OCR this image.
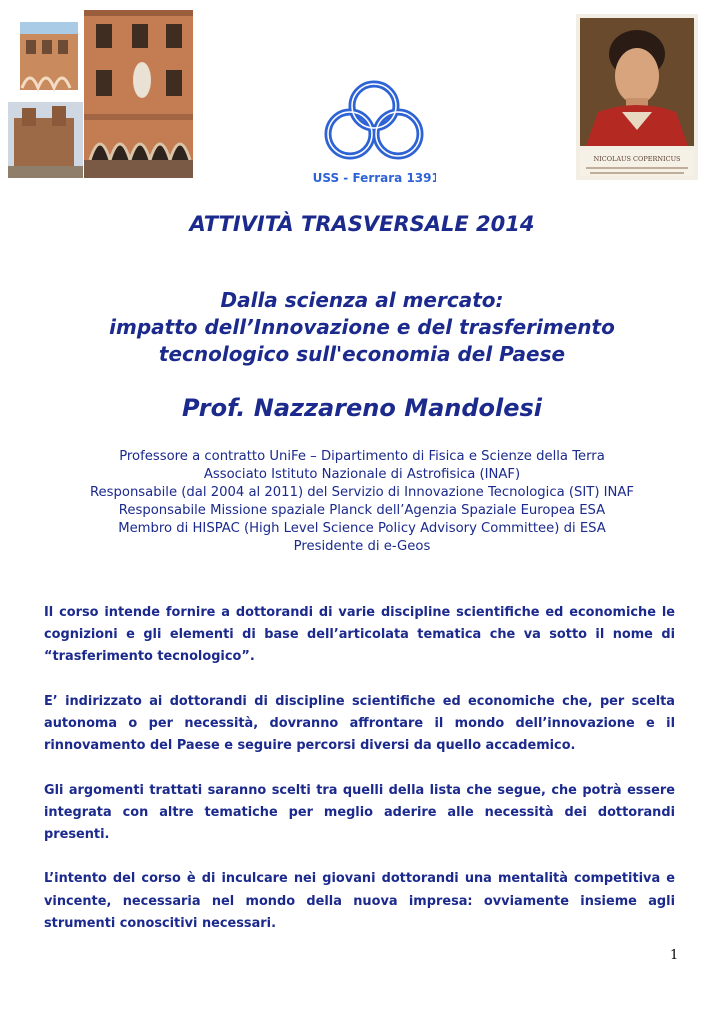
IUSS - Ferrara 1391
NICOLAUS COPERNICUS
ATTIVITÀ TRASVERSALE 2014
Dalla scienza al mercato:
impatto dell’Innovazione e del trasferimento
tecnologico sull'economia del Paese
Prof. Nazzareno Mandolesi
Professore a contratto UniFe – Dipartimento di Fisica e Scienze della Terra
Associato Istituto Nazionale di Astrofisica (INAF)
Responsabile (dal 2004 al 2011) del Servizio di Innovazione Tecnologica (SIT) INAF
Responsabile Missione spaziale Planck dell’Agenzia Spaziale Europea ESA
Membro di HISPAC (High Level Science Policy Advisory Committee) di ESA
Presidente di e-Geos

Il corso intende fornire a dottorandi di varie discipline scientifiche ed economiche le cognizioni e gli elementi di base dell’articolata tematica che va sotto il nome di “trasferimento tecnologico”.

E’ indirizzato ai dottorandi di discipline scientifiche ed economiche che, per scelta autonoma o per necessità, dovranno affrontare il mondo dell’innovazione e il rinnovamento del Paese e seguire percorsi diversi da quello accademico.

Gli argomenti trattati saranno scelti tra quelli della lista che segue, che potrà essere integrata con altre tematiche per meglio aderire alle necessità dei dottorandi presenti.

L’intento del corso è di inculcare nei giovani dottorandi una mentalità competitiva e vincente, necessaria nel mondo della nuova impresa: ovviamente insieme agli strumenti conoscitivi necessari.

1
